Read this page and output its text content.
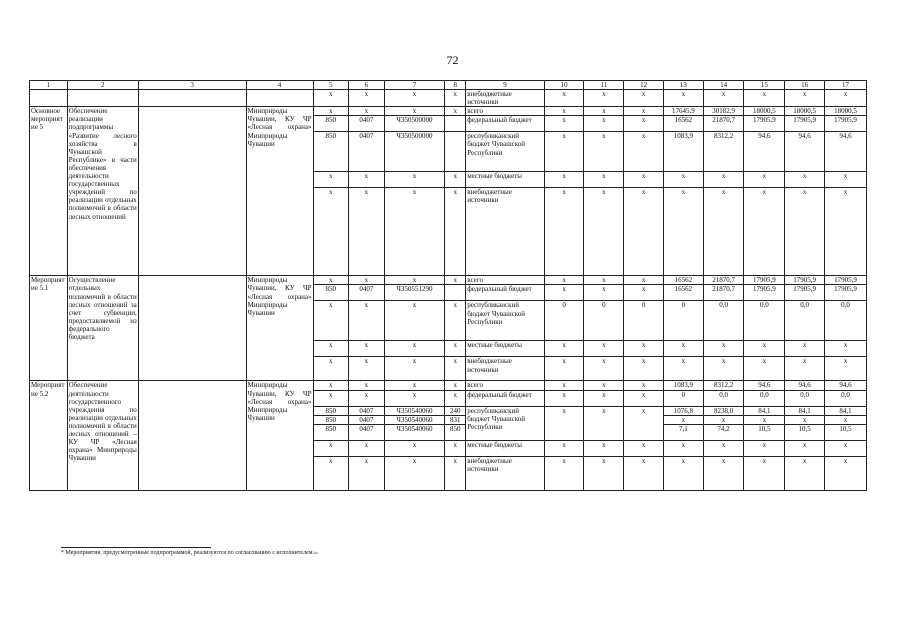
72
1	2	3	4	5	6	7	8	9	10	11	12	13	14	15	16	17
				x	x	x	x	внебюджетные источники	x	x	x	x	x	x	x	x
Основное мероприятие 5	Обеспечение реализации подпрограммы «Развитие лесного хозяйства в Чувашской Республике» в части обеспечения деятельности государственных учреждений по реализации отдельных полномочий в области лесных отношений		Минприроды Чувашии, КУ ЧР «Лесная охрана» Минприроды Чувашии	x	x	x	x	всего	x	x	x	17645,9	30182,9	18000,5	18000,5	18000,5
				850	0407	Ч350500000		федеральный бюджет	x	x	x	16562	21870,7	17905,9	17905,9	17905,9
				850	0407	Ч350500000		республиканский бюджет Чувашской Республики	x	x	x	1083,9	8312,2	94,6	94,6	94,6
				x	x	x	x	местные бюджеты	x	x	x	x	x	x	x	x
				x	x	x	x	внебюджетные источники	x	x	x	x	x	x	x	x
Мероприятие 5.1	Осуществление отдельных полномочий в области лесных отношений за счет субвенции, предоставляемой из федерального бюджета		Минприроды Чувашии, КУ ЧР «Лесная охрана» Минприроды Чувашии	x	x	x	x	всего	x	x	x	16562	21870,7	17905,9	17905,9	17905,9
				850	0407	Ч350551290		федеральный бюджет	x	x	x	16562	21870,7	17905,9	17905,9	17905,9
				x	x	x	x	республиканский бюджет Чувашской Республики	0	0	0	0	0,0	0,0	0,0	0,0
				x	x	x	x	местные бюджеты	x	x	x	x	x	x	x	x
				x	x	x	x	внебюджетные источники	x	x	x	x	x	x	x	x
Мероприятие 5.2	Обеспечение деятельности государственного учреждения по реализации отдельных полномочий в области лесных отношений – КУ ЧР «Лесная охрана» Минприроды Чувашии		Минприроды Чувашии, КУ ЧР «Лесная охрана» Минприроды Чувашии	x	x	x	x	всего	x	x	x	1083,9	8312,2	94,6	94,6	94,6
				x	x	x	x	федеральный бюджет	x	x	x	0	0,0	0,0	0,0	0,0
				850	0407	Ч350540060	240	республиканский бюджет Чувашской Республики	x	x	x	1076,8	8238,0	84,1	84,1	84,1
				850	0407	Ч350540060	831					x	x	x	x	x
				850	0407	Ч350540060	850					7,1	74,2	10,5	10,5	10,5
				x	x	x	x	местные бюджеты	x	x	x	x	x	x	x	x
				x	x	x	x	внебюджетные источники	x	x	x	x	x	x	x	x
* Мероприятия, предусмотренные подпрограммой, реализуются по согласованию с исполнителем.».
